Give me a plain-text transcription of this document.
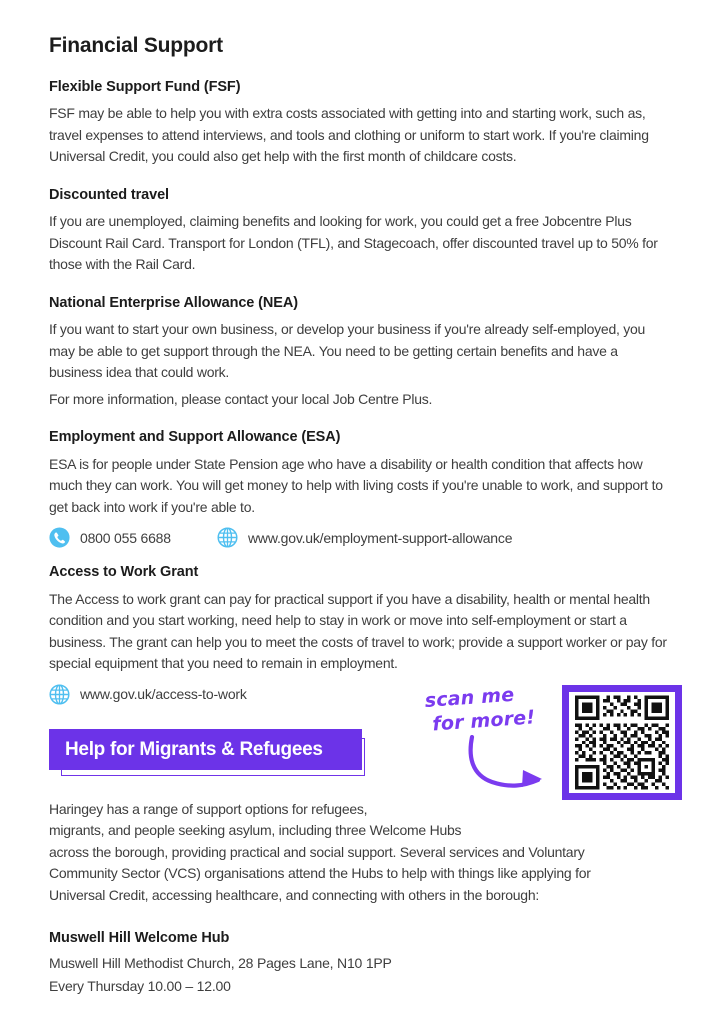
Financial Support
Flexible Support Fund (FSF)

FSF may be able to help you with extra costs associated with getting into and starting work, such as, travel expenses to attend interviews, and tools and clothing or uniform to start work. If you're claiming Universal Credit, you could also get help with the first month of childcare costs.

Discounted travel

If you are unemployed, claiming benefits and looking for work, you could get a free Jobcentre Plus Discount Rail Card. Transport for London (TFL), and Stagecoach, offer discounted travel up to 50% for those with the Rail Card.

National Enterprise Allowance (NEA)

If you want to start your own business, or develop your business if you're already self-employed, you may be able to get support through the NEA. You need to be getting certain benefits and have a business idea that could work.

For more information, please contact your local Job Centre Plus.

Employment and Support Allowance (ESA)

ESA is for people under State Pension age who have a disability or health condition that affects how much they can work. You will get money to help with living costs if you're unable to work, and support to get back into work if you're able to.

0800 055 6688	www.gov.uk/employment-support-allowance
Access to Work Grant

The Access to work grant can pay for practical support if you have a disability, health or mental health condition and you start working, need help to stay in work or move into self-employment or start a business. The grant can help you to meet the costs of travel to work; provide a support worker or pay for special equipment that you need to remain in employment.

www.gov.uk/access-to-work
Help for Migrants & Refugees

Haringey has a range of support options for refugees,

migrants, and people seeking asylum, including three Welcome Hubs

across the borough, providing practical and social support. Several services and Voluntary

Community Sector (VCS) organisations attend the Hubs to help with things like applying for

Universal Credit, accessing healthcare, and connecting with others in the borough:

Muswell Hill Welcome Hub

Muswell Hill Methodist Church, 28 Pages Lane, N10 1PP

Every Thursday 10.00 – 12.00

scan me
for more!
